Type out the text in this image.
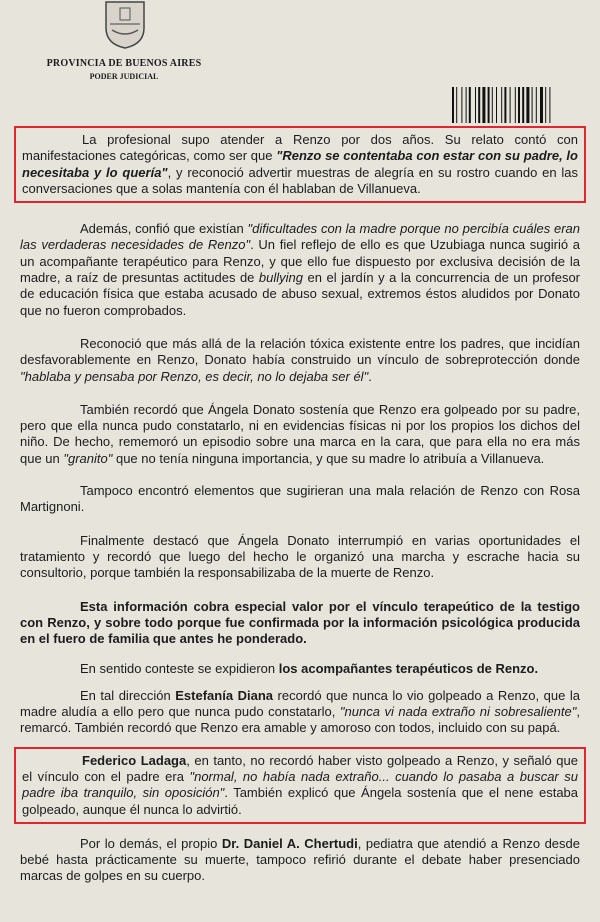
PROVINCIA DE BUENOS AIRES
PODER JUDICIAL

La profesional supo atender a Renzo por dos años. Su relato contó con manifestaciones categóricas, como ser que "Renzo se contentaba con estar con su padre, lo necesitaba y lo quería", y reconoció advertir muestras de alegría en su rostro cuando en las conversaciones que a solas mantenía con él hablaban de Villanueva.

Además, confió que existían "dificultades con la madre porque no percibía cuáles eran las verdaderas necesidades de Renzo". Un fiel reflejo de ello es que Uzubiaga nunca sugirió a un acompañante terapéutico para Renzo, y que ello fue dispuesto por exclusiva decisión de la madre, a raíz de presuntas actitudes de bullying en el jardín y a la concurrencia de un profesor de educación física que estaba acusado de abuso sexual, extremos éstos aludidos por Donato que no fueron comprobados.

Reconoció que más allá de la relación tóxica existente entre los padres, que incidían desfavorablemente en Renzo, Donato había construido un vínculo de sobreprotección donde "hablaba y pensaba por Renzo, es decir, no lo dejaba ser él".

También recordó que Ángela Donato sostenía que Renzo era golpeado por su padre, pero que ella nunca pudo constatarlo, ni en evidencias físicas ni por los propios los dichos del niño. De hecho, rememoró un episodio sobre una marca en la cara, que para ella no era más que un "granito" que no tenía ninguna importancia, y que su madre lo atribuía a Villanueva.

Tampoco encontró elementos que sugirieran una mala relación de Renzo con Rosa Martignoni.

Finalmente destacó que Ángela Donato interrumpió en varias oportunidades el tratamiento y recordó que luego del hecho le organizó una marcha y escrache hacia su consultorio, porque también la responsabilizaba de la muerte de Renzo.

Esta información cobra especial valor por el vínculo terapeútico de la testigo con Renzo, y sobre todo porque fue confirmada por la información psicológica producida en el fuero de familia que antes he ponderado.

En sentido conteste se expidieron los acompañantes terapéuticos de Renzo.

En tal dirección Estefanía Diana recordó que nunca lo vio golpeado a Renzo, que la madre aludía a ello pero que nunca pudo constatarlo, "nunca vi nada extraño ni sobresaliente", remarcó. También recordó que Renzo era amable y amoroso con todos, incluido con su papá.

Federico Ladaga, en tanto, no recordó haber visto golpeado a Renzo, y señaló que el vínculo con el padre era "normal, no había nada extraño... cuando lo pasaba a buscar su padre iba tranquilo, sin oposición". También explicó que Ángela sostenía que el nene estaba golpeado, aunque él nunca lo advirtió.

Por lo demás, el propio Dr. Daniel A. Chertudi, pediatra que atendió a Renzo desde bebé hasta prácticamente su muerte, tampoco refirió durante el debate haber presenciado marcas de golpes en su cuerpo.
